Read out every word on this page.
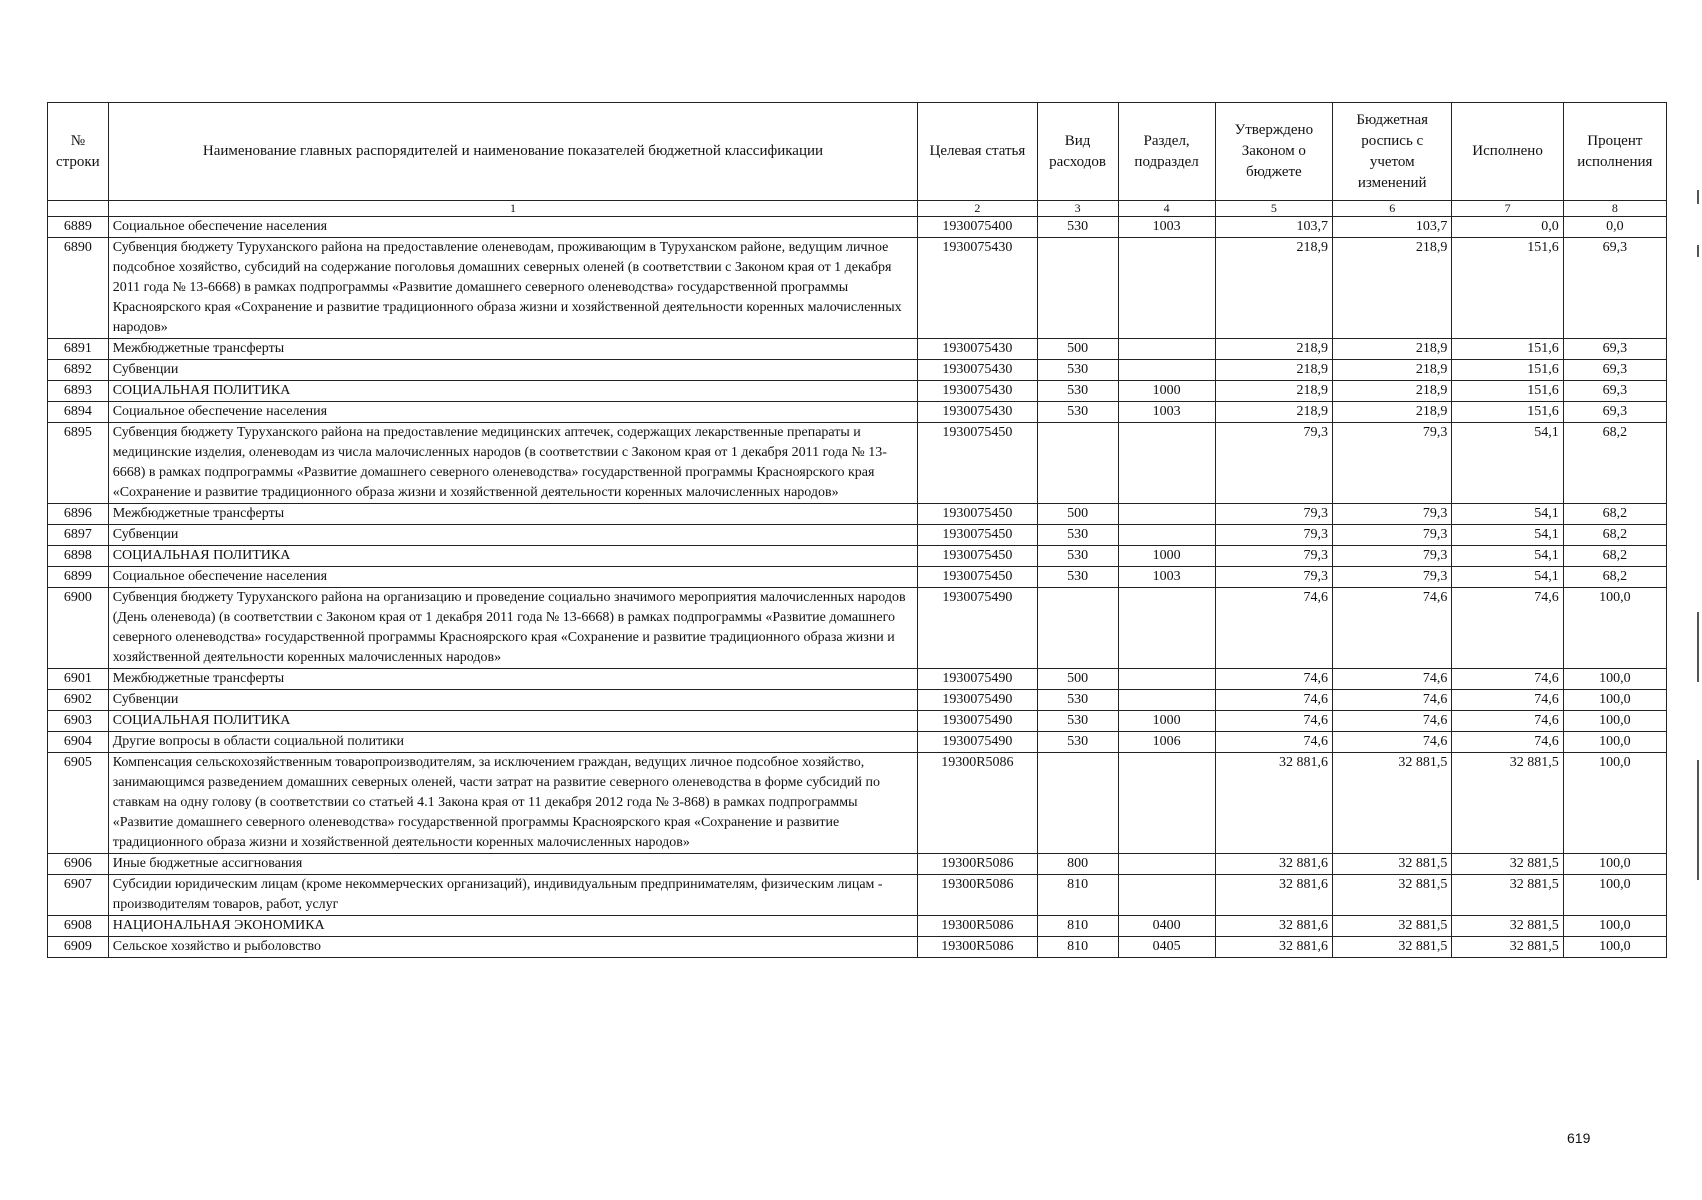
№ строки	Наименование главных распорядителей и наименование показателей бюджетной классификации	Целевая статья	Вид расходов	Раздел, подраздел	Утверждено Законом о бюджете	Бюджетная роспись с учетом изменений	Исполнено	Процент исполнения
	1	2	3	4	5	6	7	8
6889	Социальное обеспечение населения	1930075400	530	1003	103,7	103,7	0,0	0,0
6890	Субвенция бюджету Туруханского района на предоставление оленеводам, проживающим в Туруханском районе, ведущим личное подсобное хозяйство, субсидий на содержание поголовья домашних северных оленей (в соответствии с Законом края от 1 декабря 2011 года № 13-6668) в рамках подпрограммы «Развитие домашнего северного оленеводства» государственной программы Красноярского края «Сохранение и развитие традиционного образа жизни и хозяйственной деятельности коренных малочисленных народов»	1930075430			218,9	218,9	151,6	69,3
6891	Межбюджетные трансферты	1930075430	500		218,9	218,9	151,6	69,3
6892	Субвенции	1930075430	530		218,9	218,9	151,6	69,3
6893	СОЦИАЛЬНАЯ ПОЛИТИКА	1930075430	530	1000	218,9	218,9	151,6	69,3
6894	Социальное обеспечение населения	1930075430	530	1003	218,9	218,9	151,6	69,3
6895	Субвенция бюджету Туруханского района на предоставление медицинских аптечек, содержащих лекарственные препараты и медицинские изделия, оленеводам из числа малочисленных народов (в соответствии с Законом края от 1 декабря 2011 года № 13-6668) в рамках подпрограммы «Развитие домашнего северного оленеводства» государственной программы Красноярского края «Сохранение и развитие традиционного образа жизни и хозяйственной деятельности коренных малочисленных народов»	1930075450			79,3	79,3	54,1	68,2
6896	Межбюджетные трансферты	1930075450	500		79,3	79,3	54,1	68,2
6897	Субвенции	1930075450	530		79,3	79,3	54,1	68,2
6898	СОЦИАЛЬНАЯ ПОЛИТИКА	1930075450	530	1000	79,3	79,3	54,1	68,2
6899	Социальное обеспечение населения	1930075450	530	1003	79,3	79,3	54,1	68,2
6900	Субвенция бюджету Туруханского района на организацию и проведение социально значимого мероприятия малочисленных народов (День оленевода) (в соответствии с Законом края от 1 декабря 2011 года № 13-6668) в рамках подпрограммы «Развитие домашнего северного оленеводства» государственной программы Красноярского края «Сохранение и развитие традиционного образа жизни и хозяйственной деятельности коренных малочисленных народов»	1930075490			74,6	74,6	74,6	100,0
6901	Межбюджетные трансферты	1930075490	500		74,6	74,6	74,6	100,0
6902	Субвенции	1930075490	530		74,6	74,6	74,6	100,0
6903	СОЦИАЛЬНАЯ ПОЛИТИКА	1930075490	530	1000	74,6	74,6	74,6	100,0
6904	Другие вопросы в области социальной политики	1930075490	530	1006	74,6	74,6	74,6	100,0
6905	Компенсация сельскохозяйственным товаропроизводителям, за исключением граждан, ведущих личное подсобное хозяйство, занимающимся разведением домашних северных оленей, части затрат на развитие северного оленеводства в форме субсидий по ставкам на одну голову (в соответствии со статьей 4.1 Закона края от 11 декабря 2012 года № 3-868) в рамках подпрограммы «Развитие домашнего северного оленеводства» государственной программы Красноярского края «Сохранение и развитие традиционного образа жизни и хозяйственной деятельности коренных малочисленных народов»	19300R5086			32 881,6	32 881,5	32 881,5	100,0
6906	Иные бюджетные ассигнования	19300R5086	800		32 881,6	32 881,5	32 881,5	100,0
6907	Субсидии юридическим лицам (кроме некоммерческих организаций), индивидуальным предпринимателям, физическим лицам - производителям товаров, работ, услуг	19300R5086	810		32 881,6	32 881,5	32 881,5	100,0
6908	НАЦИОНАЛЬНАЯ ЭКОНОМИКА	19300R5086	810	0400	32 881,6	32 881,5	32 881,5	100,0
6909	Сельское хозяйство и рыболовство	19300R5086	810	0405	32 881,6	32 881,5	32 881,5	100,0
619
